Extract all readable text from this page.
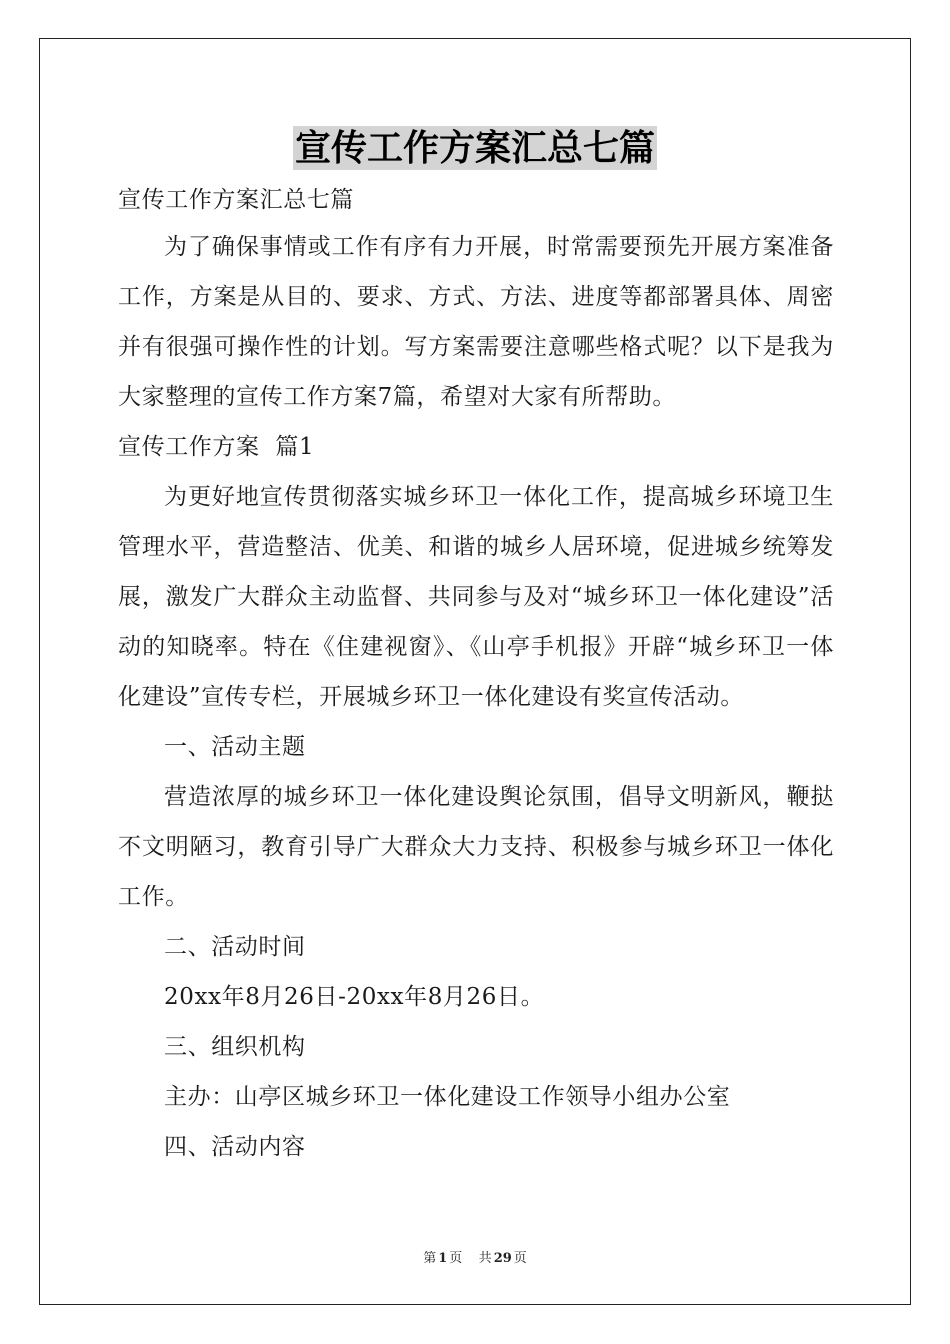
宣传工作方案汇总七篇
宣传工作方案汇总七篇
为了确保事情或工作有序有力开展，时常需要预先开展方案准备工作，方案是从目的、要求、方式、方法、进度等都部署具体、周密并有很强可操作性的计划。写方案需要注意哪些格式呢？以下是我为大家整理的宣传工作方案7篇，希望对大家有所帮助。
宣传工作方案  篇1
为更好地宣传贯彻落实城乡环卫一体化工作，提高城乡环境卫生管理水平，营造整洁、优美、和谐的城乡人居环境，促进城乡统筹发展，激发广大群众主动监督、共同参与及对“城乡环卫一体化建设”活动的知晓率。特在《住建视窗》、《山亭手机报》开辟“城乡环卫一体化建设”宣传专栏，开展城乡环卫一体化建设有奖宣传活动。
一、活动主题
营造浓厚的城乡环卫一体化建设舆论氛围，倡导文明新风，鞭挞不文明陋习，教育引导广大群众大力支持、积极参与城乡环卫一体化工作。
二、活动时间
20xx年8月26日-20xx年8月26日。
三、组织机构
主办：山亭区城乡环卫一体化建设工作领导小组办公室
四、活动内容
第 1 页 共 29 页
